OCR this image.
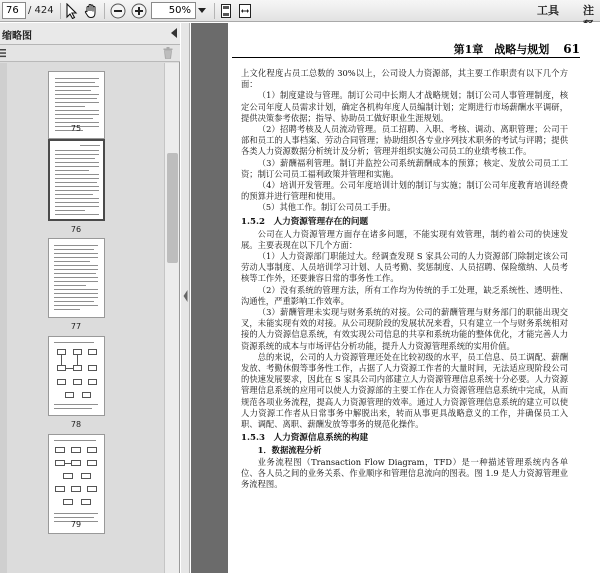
76 / 424	50%	工具 注
缩略图
75
76
77
78
79
第1章　战略与规划 61

上文化程度占员工总数的 30%以上，公司设人力资源部，其主要工作职责有以下几个方面：

（1）制度建设与管理。制订公司中长期人才战略规划；制订公司人事管理制度，核定公司年度人员需求计划，确定各机构年度人员编制计划；定期进行市场薪酬水平调研，提供决策参考依据；指导、协助员工做好职业生涯规划。

（2）招聘考核及人员流动管理。员工招聘、入职、考核、调动、离职管理；公司干部和员工的人事档案、劳动合同管理；协助组织各专业序列技术职务的考试与评聘；提供各类人力资源数据分析统计及分析；管理并组织实施公司员工的业绩考核工作。

（3）薪酬福利管理。制订并监控公司系统薪酬成本的预算；核定、发放公司员工工资；制订公司员工福利政策并管理和实施。

（4）培训开发管理。公司年度培训计划的制订与实施；制订公司年度教育培训经费的预算并进行管理和使用。

（5）其他工作。制订公司员工手册。

1.5.2　人力资源管理存在的问题

公司在人力资源管理方面存在诸多问题，不能实现有效管理，制约着公司的快速发展。主要表现在以下几个方面：

（1）人力资源部门职能过大。经调查发现 S 家具公司的人力资源部门除制定该公司劳动人事制度、人员培训学习计划、人员考勤、奖惩制度、人员招聘、保险缴纳、人员考核等工作外，还要兼容日常的事务性工作。

（2）没有系统的管理方法，所有工作均为传统的手工处理，缺乏系统性、透明性、沟通性，严重影响工作效率。

（3）薪酬管理未实现与财务系统的对接。公司的薪酬管理与财务部门的职能出现交叉，未能实现有效的对接。从公司现阶段的发展状况来看，只有建立一个与财务系统相对接的人力资源信息系统，有效实现公司信息的共享和系统功能的整体优化，才能完善人力资源系统的成本与市场评估分析功能，提升人力资源管理系统的实用价值。

总的来说，公司的人力资源管理还处在比较初级的水平，员工信息、员工调配、薪酬发放、考勤休假等事务性工作，占据了人力资源工作者的大量时间，无法适应现阶段公司的快速发展要求，因此在 S 家具公司内部建立人力资源管理信息系统十分必要。人力资源管理信息系统的应用可以使人力资源部的主要工作在人力资源管理信息系统中完成，从而规范各项业务流程，提高人力资源管理的效率。通过人力资源管理信息系统的建立可以使人力资源工作者从日常事务中解脱出来，转而从事更具战略意义的工作，并确保员工入职、调配、离职、薪酬发放等事务的规范化操作。

1.5.3　人力资源信息系统的构建
1．数据流程分析

业务流程图（Transaction Flow Diagram，TFD）是一种描述管理系统内各单位、各人员之间的业务关系、作业顺序和管理信息流向的图表。图 1.9 是人力资源管理业务流程图。
